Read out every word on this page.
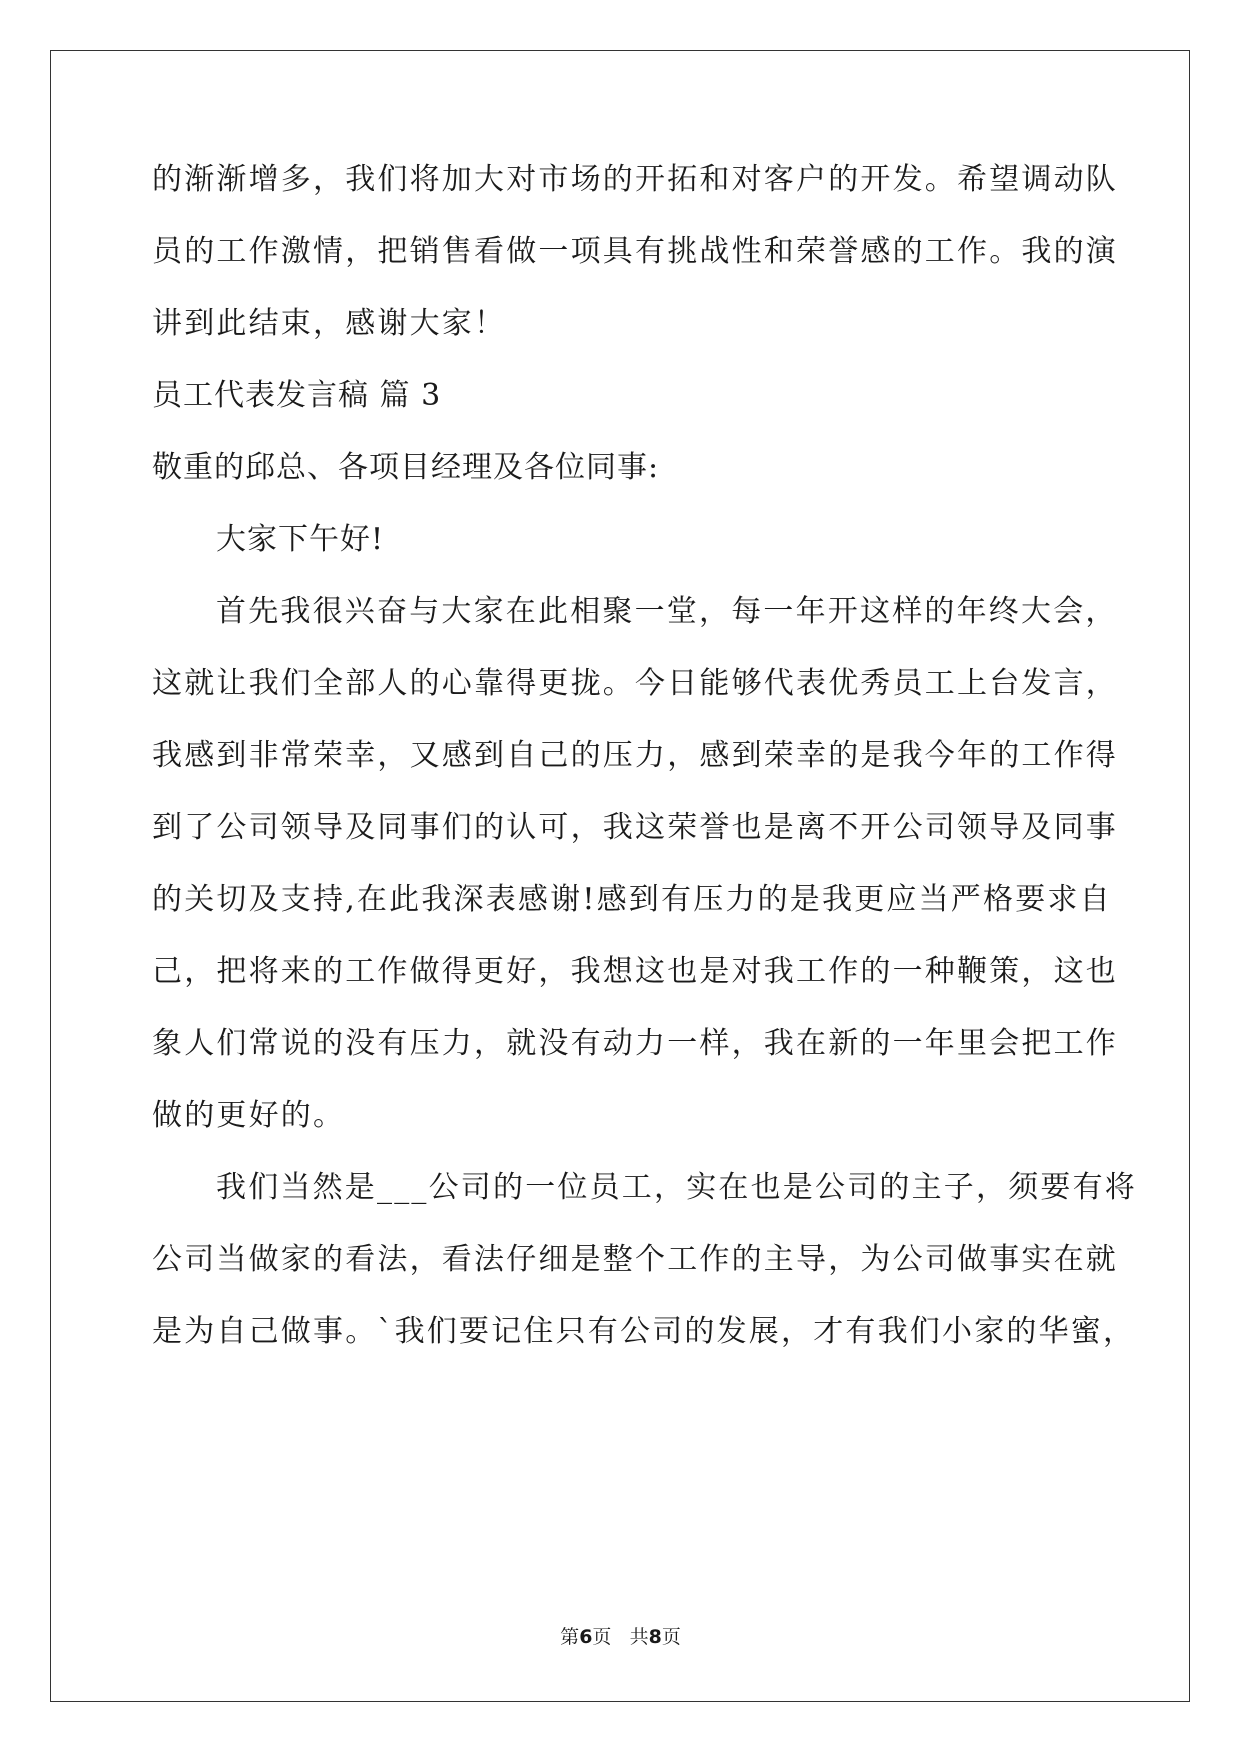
的渐渐增多，我们将加大对市场的开拓和对客户的开发。希望调动队
员的工作激情，把销售看做一项具有挑战性和荣誉感的工作。我的演
讲到此结束，感谢大家！
员工代表发言稿 篇 3
敬重的邱总、各项目经理及各位同事:
大家下午好!
首先我很兴奋与大家在此相聚一堂，每一年开这样的年终大会，
这就让我们全部人的心靠得更拢。今日能够代表优秀员工上台发言，
我感到非常荣幸，又感到自己的压力，感到荣幸的是我今年的工作得
到了公司领导及同事们的认可，我这荣誉也是离不开公司领导及同事
的关切及支持,在此我深表感谢!感到有压力的是我更应当严格要求自
己，把将来的工作做得更好，我想这也是对我工作的一种鞭策，这也
象人们常说的没有压力，就没有动力一样，我在新的一年里会把工作
做的更好的。
我们当然是___公司的一位员工，实在也是公司的主子，须要有将
公司当做家的看法，看法仔细是整个工作的主导，为公司做事实在就
是为自己做事。`我们要记住只有公司的发展，才有我们小家的华蜜，
第6页 共8页
